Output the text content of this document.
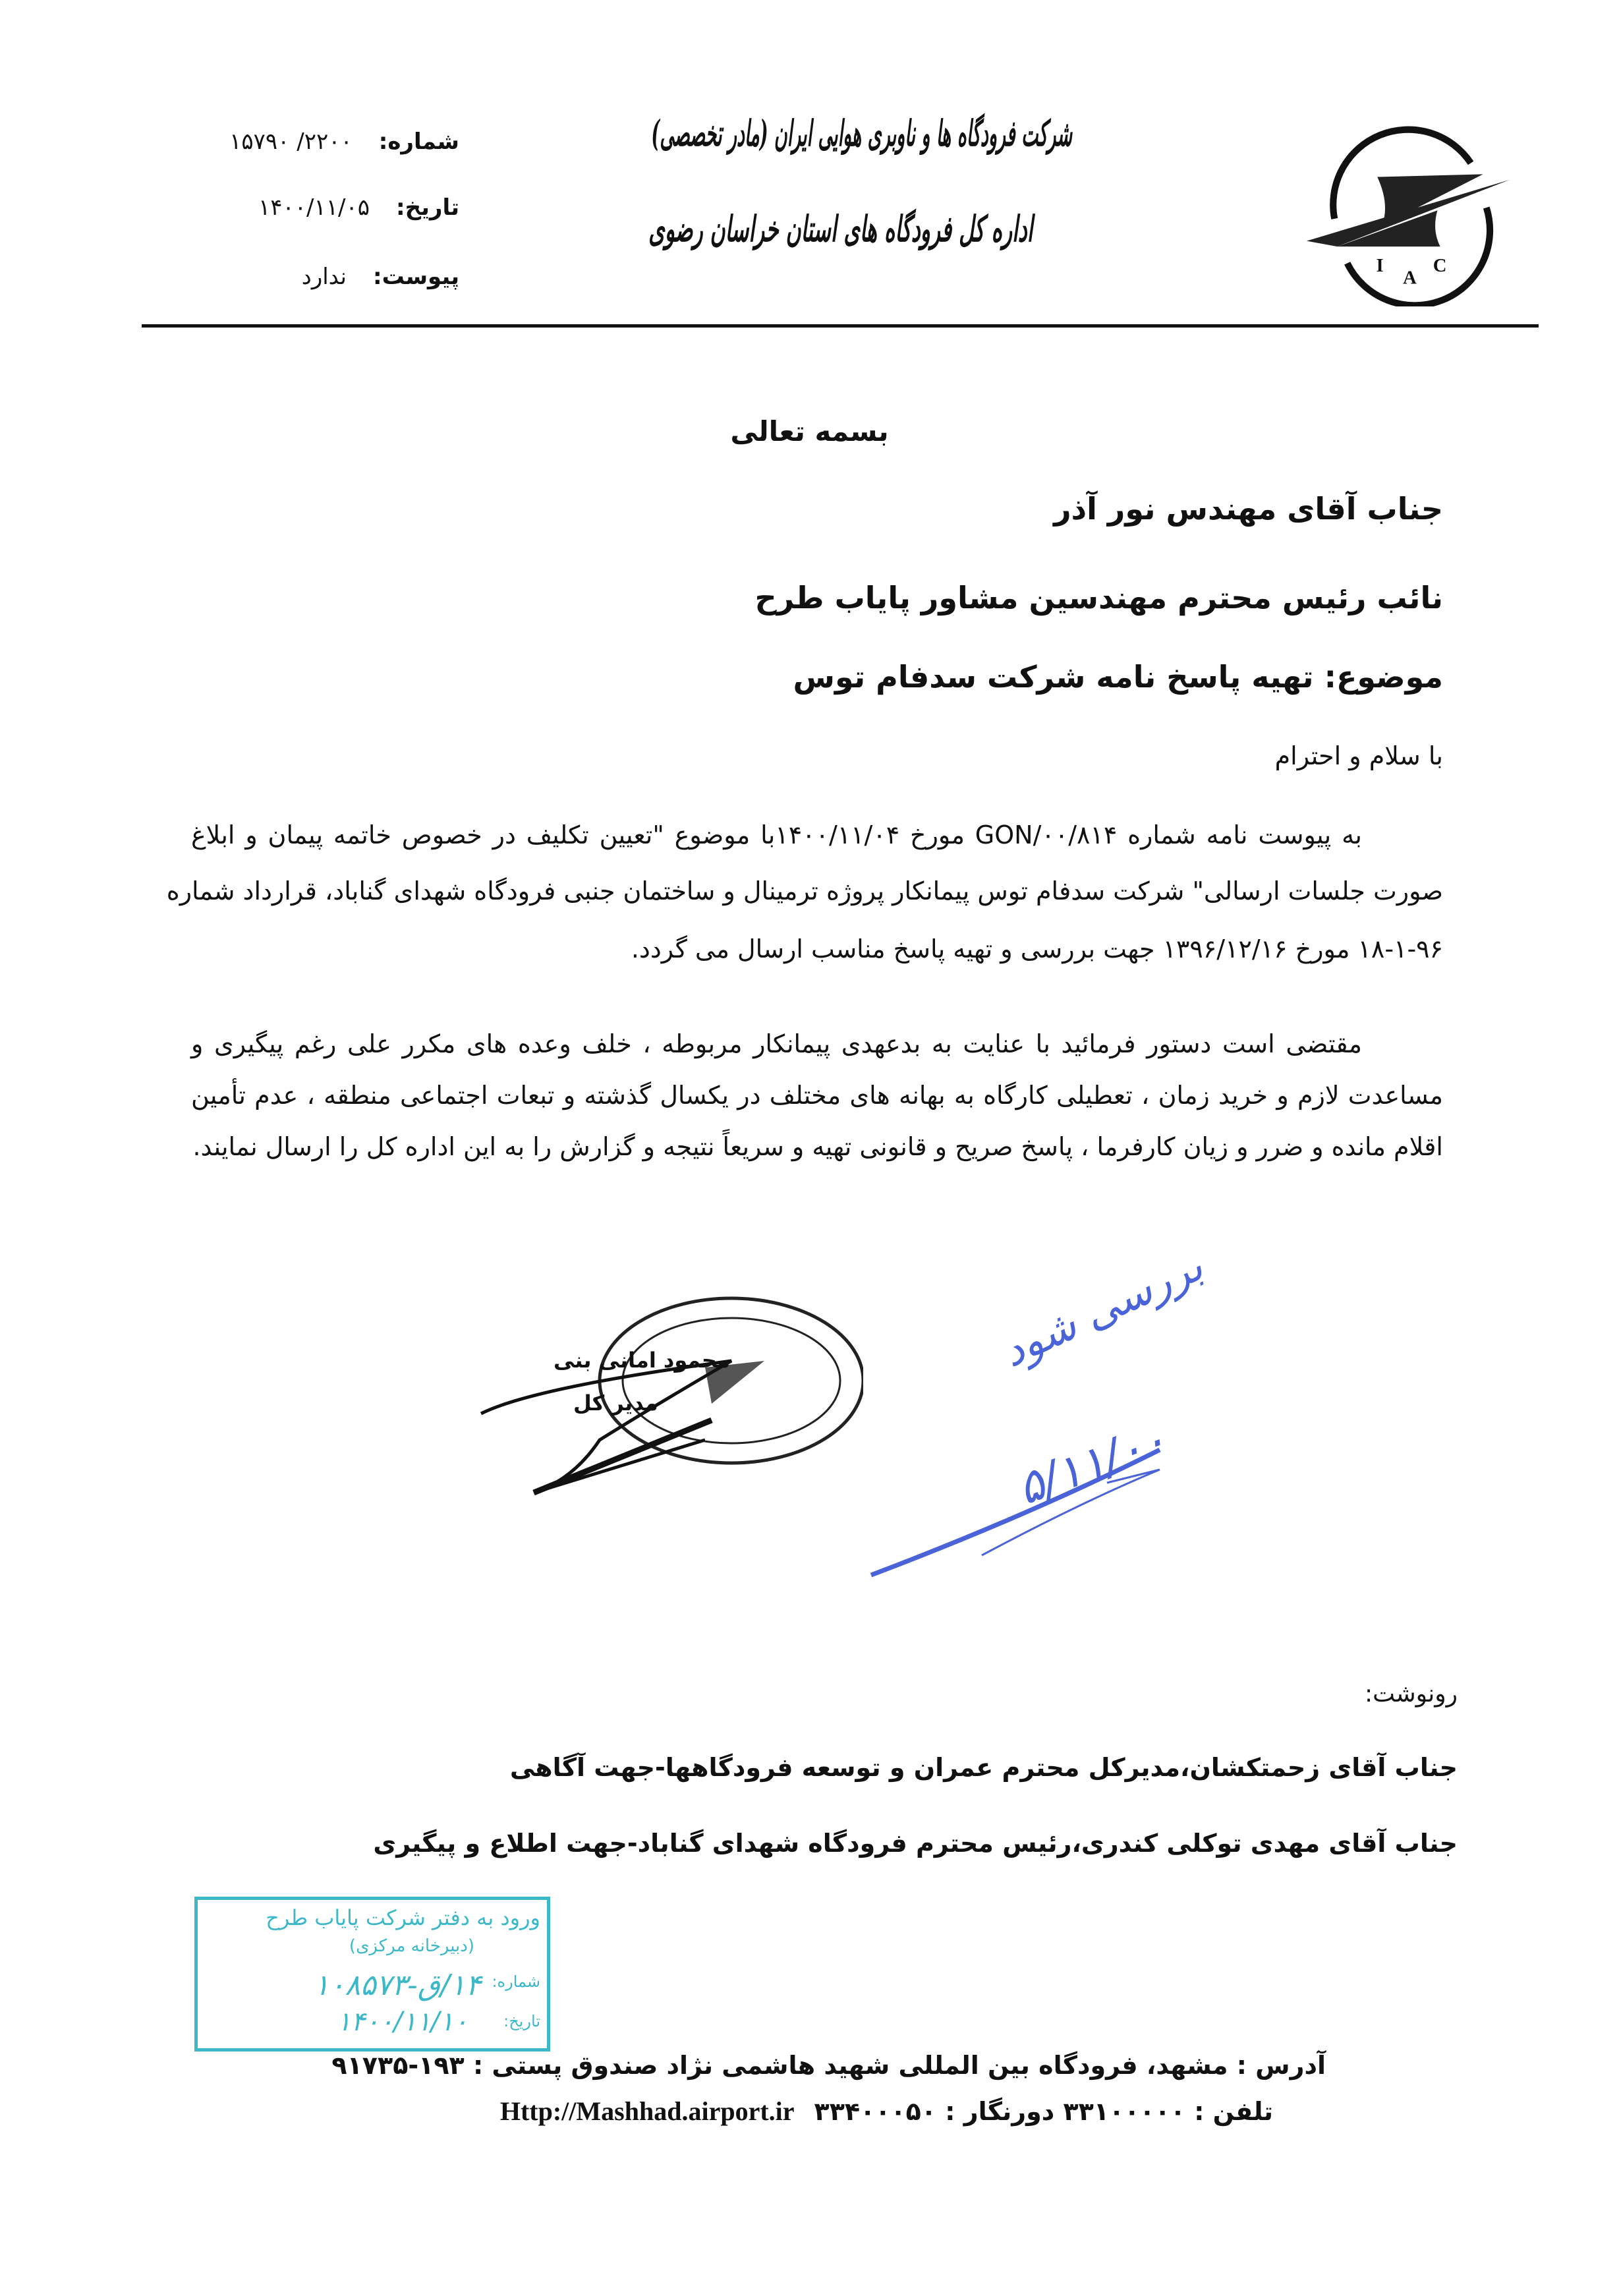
I
A
C
شرکت فرودگاه ها و ناوبری هوایی ایران (مادر تخصصی)
اداره کل فرودگاه های استان خراسان رضوی
شماره:۲۲۰۰/ ۱۵۷۹۰
تاریخ:۱۴۰۰/۱۱/۰۵
پیوست:ندارد
بسمه تعالی
جناب آقای مهندس نور آذر
نائب رئیس محترم مهندسین مشاور پایاب طرح
موضوع: تهیه پاسخ نامه شرکت سدفام توس
با سلام و احترام
به پیوست نامه شماره GON/۰۰/۸۱۴ مورخ ۱۴۰۰/۱۱/۰۴با موضوع "تعیین تکلیف در خصوص خاتمه پیمان و ابلاغ
صورت جلسات ارسالی" شرکت سدفام توس پیمانکار پروژه ترمینال و ساختمان جنبی فرودگاه شهدای گناباد، قرارداد شماره
۱۸-۱-۹۶ مورخ ۱۳۹۶/۱۲/۱۶ جهت بررسی و تهیه پاسخ مناسب ارسال می گردد.
مقتضی است دستور فرمائید با عنایت به بدعهدی پیمانکار مربوطه ، خلف وعده های مکرر علی رغم پیگیری و
مساعدت لازم و خرید زمان ، تعطیلی کارگاه به بهانه های مختلف در یکسال گذشته و تبعات اجتماعی منطقه ، عدم تأمین
اقلام مانده و ضرر و زیان کارفرما ، پاسخ صریح و قانونی تهیه و سریعاً نتیجه و گزارش را به این اداره کل را ارسال نمایند.
محمود امانی بنی
مدیر کل
بررسی شود
۵/۱۱/۰۰
رونوشت:
جناب آقای زحمتکشان،مدیرکل محترم عمران و توسعه فرودگاهها-جهت آگاهی
جناب آقای مهدی توکلی کندری،رئیس محترم فرودگاه شهدای گناباد-جهت اطلاع و پیگیری
ورود به دفتر شرکت پایاب طرح
(دبیرخانه مرکزی)
شماره:
۱۴/ق-۱۰۸۵۷۳
تاریخ:
۱۴۰۰/۱۱/۱۰
آدرس : مشهد، فرودگاه بین المللی شهید هاشمی نژاد صندوق پستی : ۱۹۳-۹۱۷۳۵
Http://Mashhad.airport.ir تلفن : ۳۳۱۰۰۰۰۰ دورنگار : ۳۳۴۰۰۰۵۰
